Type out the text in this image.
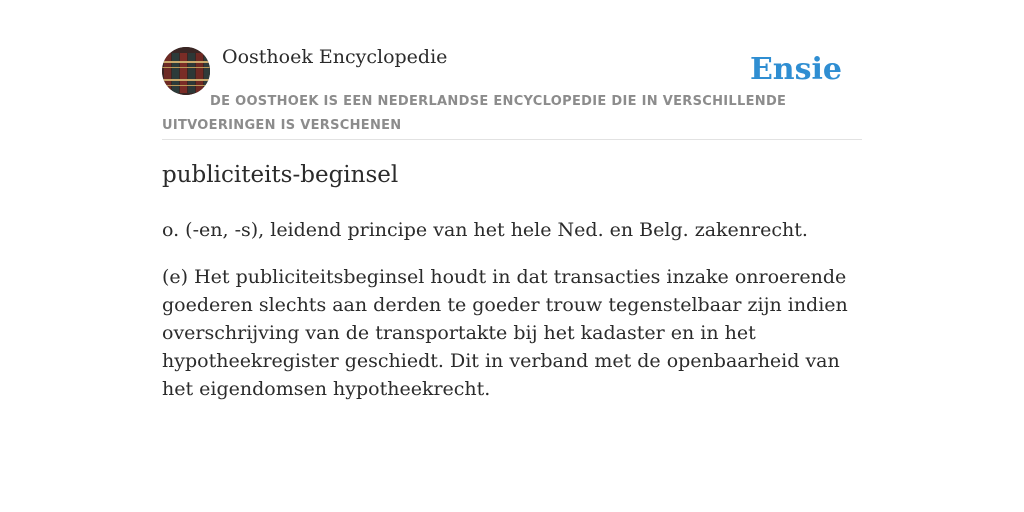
Oosthoek Encyclopedie	Ensie
DE OOSTHOEK IS EEN NEDERLANDSE ENCYCLOPEDIE DIE IN VERSCHILLENDE UITVOERINGEN IS VERSCHENEN
publiciteits-beginsel

o. (-en, -s), leidend principe van het hele Ned. en Belg. zakenrecht.

(e) Het publiciteitsbeginsel houdt in dat transacties inzake onroerende goederen slechts aan derden te goeder trouw tegenstelbaar zijn indien overschrijving van de transportakte bij het kadaster en in het hypotheekregister geschiedt. Dit in verband met de openbaarheid van het eigendomsen hypotheekrecht.
